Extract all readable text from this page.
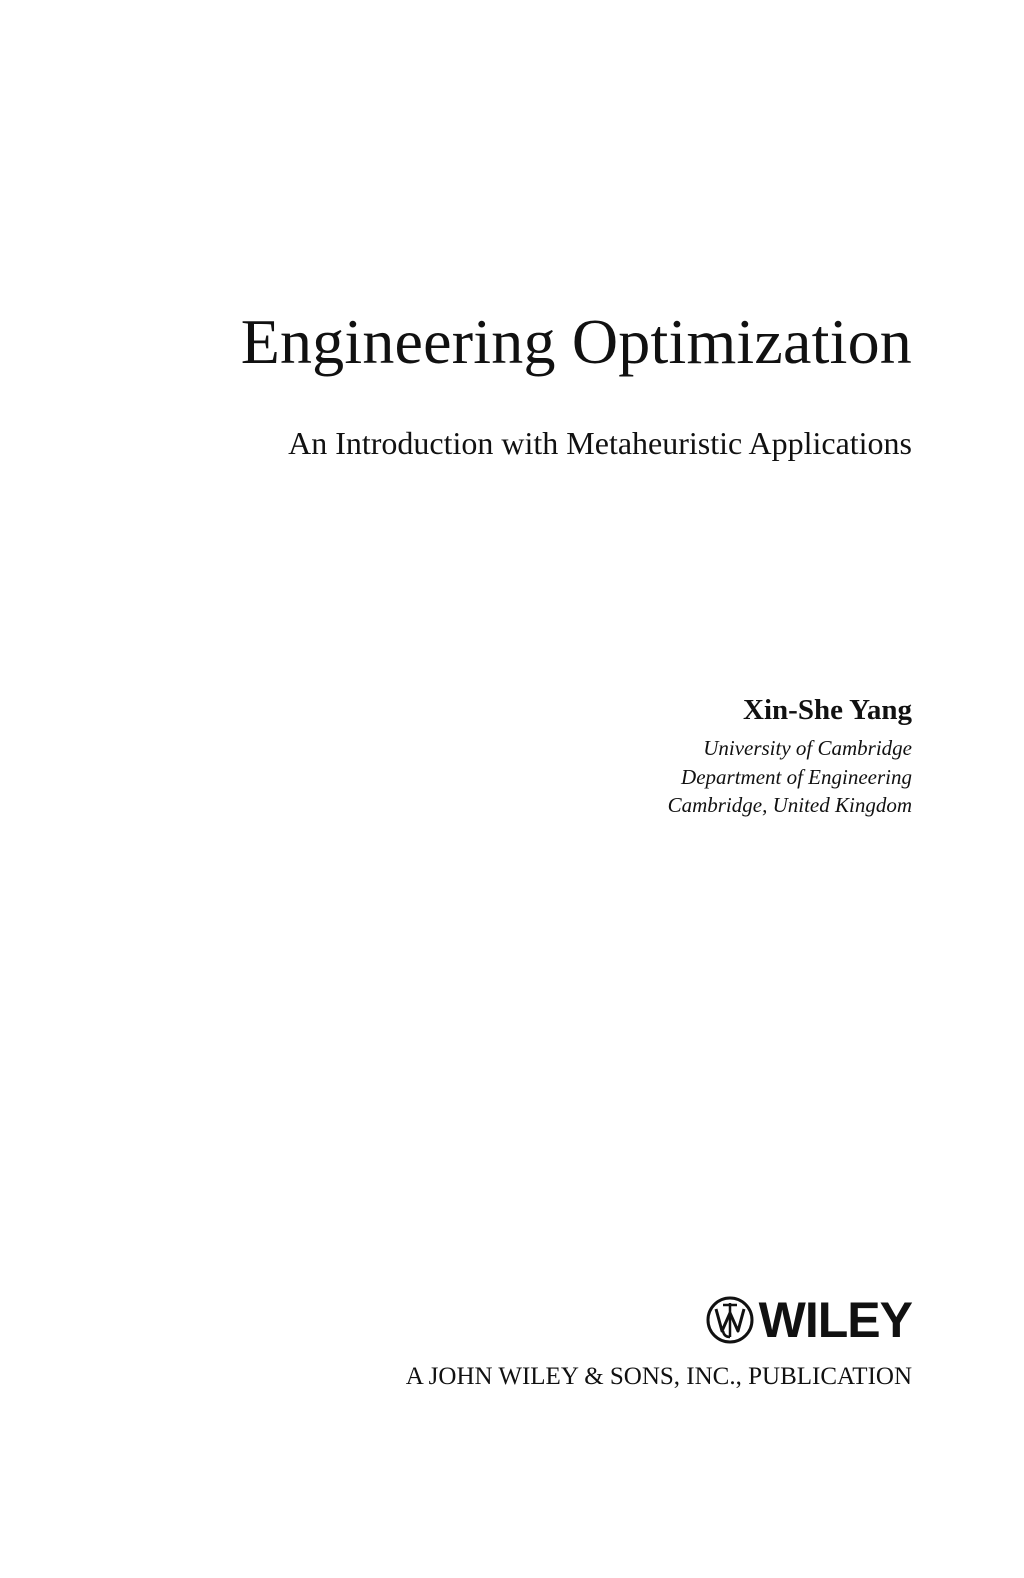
Engineering Optimization
An Introduction with Metaheuristic Applications
Xin-She Yang
University of Cambridge
Department of Engineering
Cambridge, United Kingdom
WILEY
A JOHN WILEY & SONS, INC., PUBLICATION
